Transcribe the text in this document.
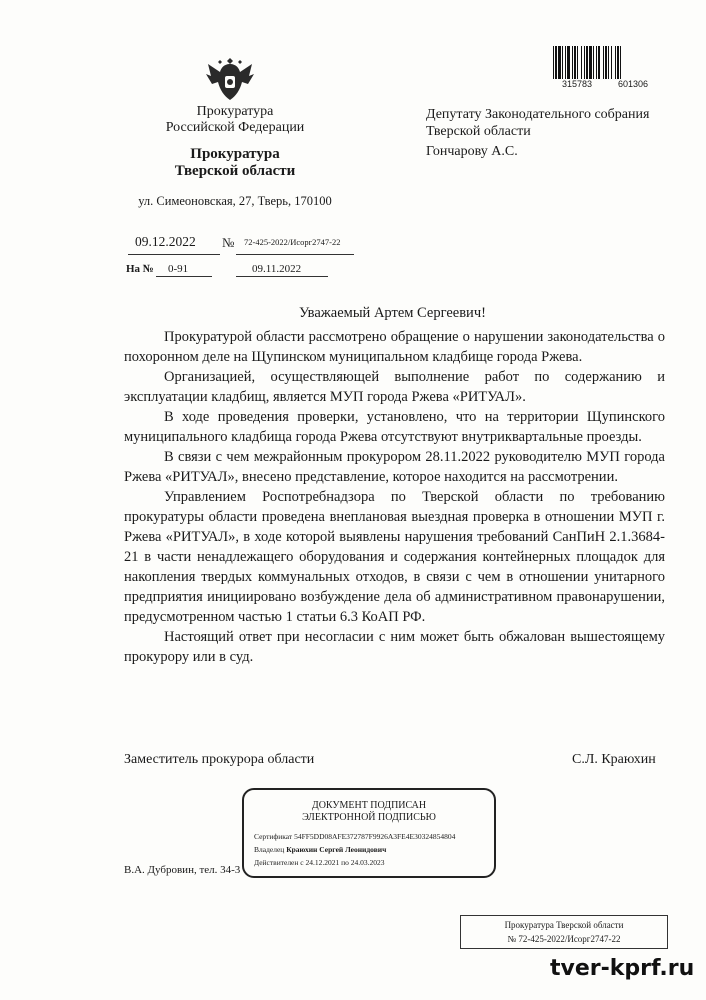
Прокуратура
Российской Федерации
Прокуратура
Тверской области
ул. Симеоновская, 27, Тверь, 170100
09.12.2022 № 72-425-2022/Исорг2747-22
На № 0-91	09.11.2022
315783	601306
Депутату Законодательного собрания
Тверской области
Гончарову А.С.
Уважаемый Артем Сергеевич!

Прокуратурой области рассмотрено обращение о нарушении законодательства о похоронном деле на Щупинском муниципальном кладбище города Ржева.

Организацией, осуществляющей выполнение работ по содержанию и эксплуатации кладбищ, является МУП города Ржева «РИТУАЛ».

В ходе проведения проверки, установлено, что на территории Щупинского муниципального кладбища города Ржева отсутствуют внутриквартальные проезды.

В связи с чем межрайонным прокурором 28.11.2022 руководителю МУП города Ржева «РИТУАЛ», внесено представление, которое находится на рассмотрении.

Управлением Роспотребнадзора по Тверской области по требованию прокуратуры области проведена внеплановая выездная проверка в отношении МУП г. Ржева «РИТУАЛ», в ходе которой выявлены нарушения требований СанПиН 2.1.3684-21 в части ненадлежащего оборудования и содержания контейнерных площадок для накопления твердых коммунальных отходов, в связи с чем в отношении унитарного предприятия инициировано возбуждение дела об административном правонарушении, предусмотренном частью 1 статьи 6.3 КоАП РФ.

Настоящий ответ при несогласии с ним может быть обжалован вышестоящему прокурору или в суд.

Заместитель прокурора области	С.Л. Краюхин
В.А. Дубровин, тел. 34-3
ДОКУМЕНТ ПОДПИСАН
ЭЛЕКТРОННОЙ ПОДПИСЬЮ
Сертификат 54FF5DD08AFE372787F9926A3FE4E30324854804
Владелец Краюхин Сергей Леонидович
Действителен с 24.12.2021 по 24.03.2023
Прокуратура Тверской области
№ 72-425-2022/Исорг2747-22
tver-kprf.ru
